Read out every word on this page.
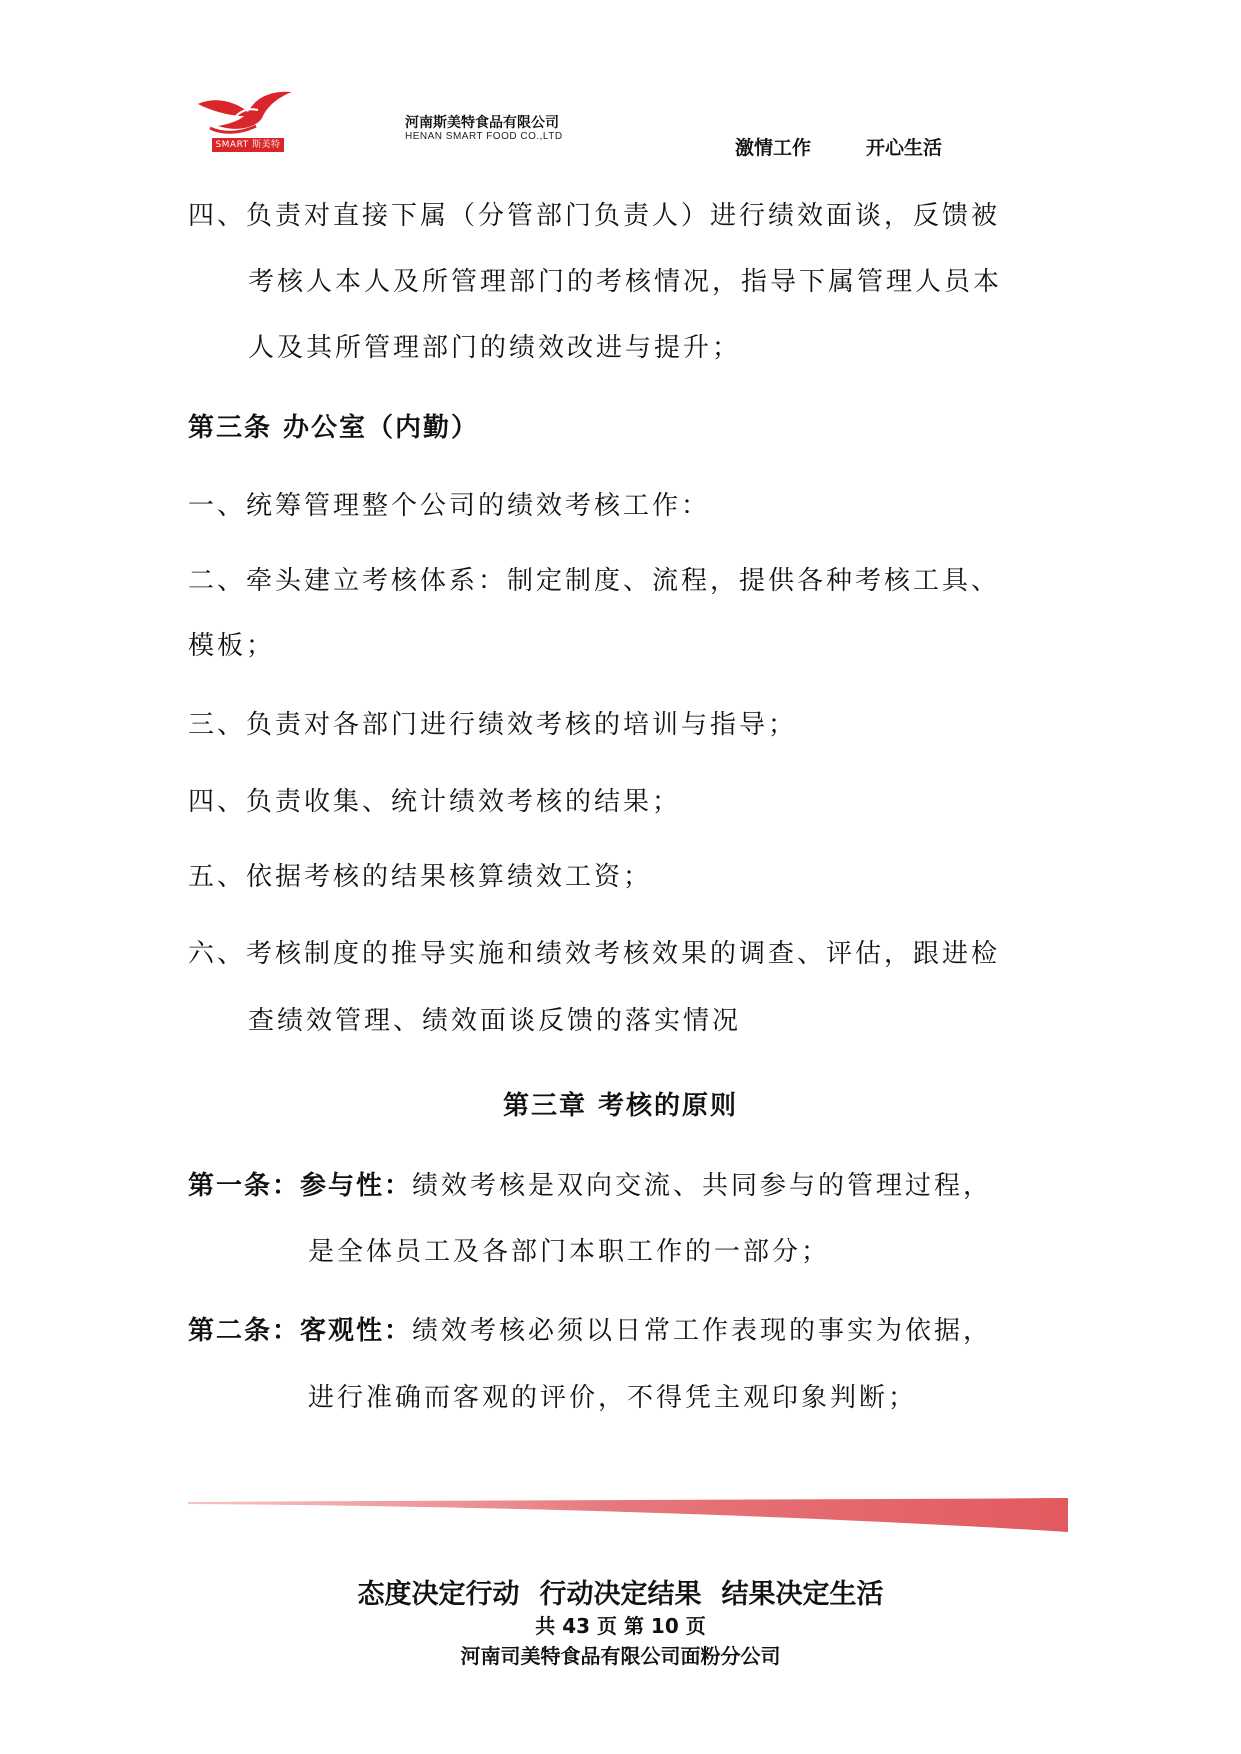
SMART 斯美特
河南斯美特食品有限公司
HENAN SMART FOOD CO.,LTD
激情工作	开心生活
四、负责对直接下属（分管部门负责人）进行绩效面谈，反馈被
考核人本人及所管理部门的考核情况，指导下属管理人员本
人及其所管理部门的绩效改进与提升；
第三条 办公室（内勤）
一、统筹管理整个公司的绩效考核工作：
二、牵头建立考核体系：制定制度、流程，提供各种考核工具、
模板；
三、负责对各部门进行绩效考核的培训与指导；
四、负责收集、统计绩效考核的结果；
五、依据考核的结果核算绩效工资；
六、考核制度的推导实施和绩效考核效果的调查、评估，跟进检
查绩效管理、绩效面谈反馈的落实情况
第三章 考核的原则
第一条：参与性：绩效考核是双向交流、共同参与的管理过程，
是全体员工及各部门本职工作的一部分；
第二条：客观性：绩效考核必须以日常工作表现的事实为依据，
进行准确而客观的评价，不得凭主观印象判断；
态度决定行动 行动决定结果 结果决定生活
共 43 页 第 10 页
河南司美特食品有限公司面粉分公司
